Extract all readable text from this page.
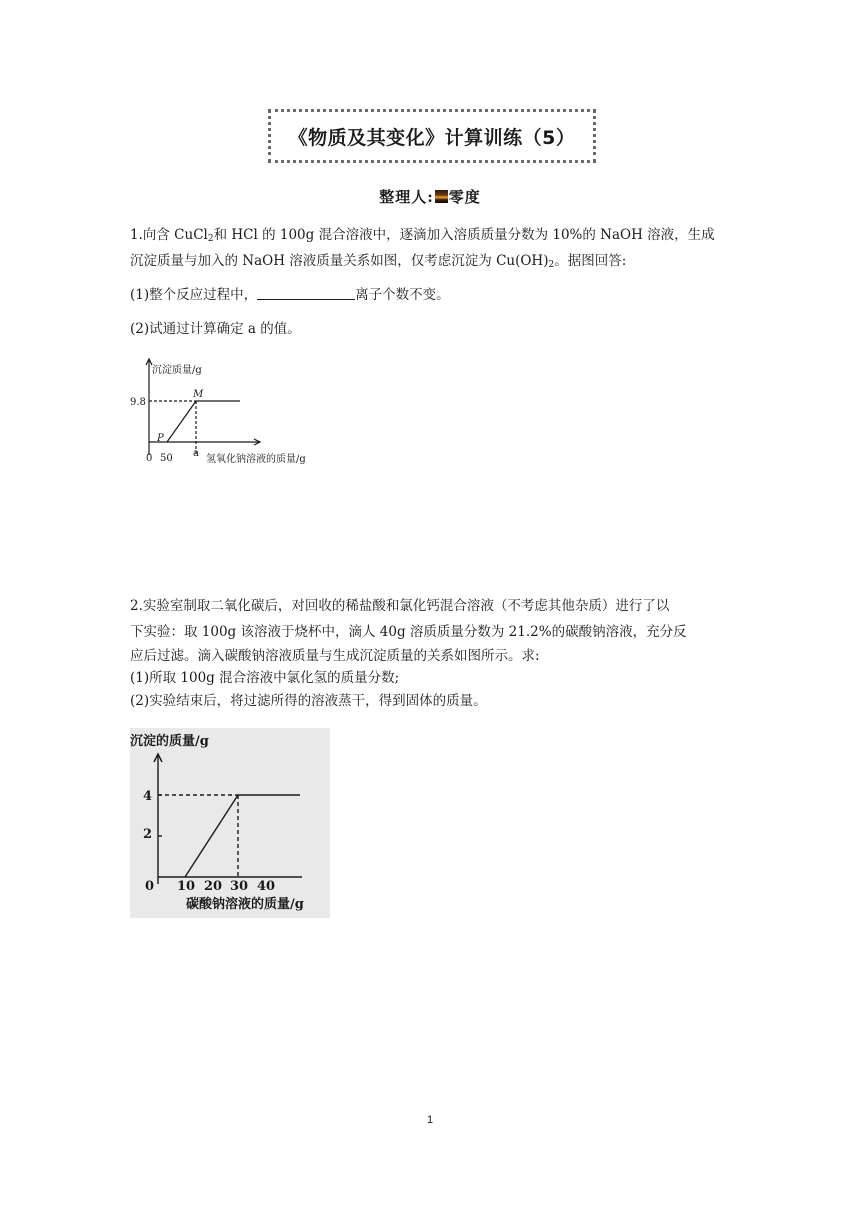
《物质及其变化》计算训练（5）
整理人: 零度
1.向含 CuCl$_2$和 HCl 的 100g 混合溶液中，逐滴加入溶质质量分数为 10%的 NaOH 溶液，生成
沉淀质量与加入的 NaOH 溶液质量关系如图，仅考虑沉淀为 $Cu(OH)_2$。据图回答:
(1)整个反应过程中，	离子个数不变。
(2)试通过计算确定 a 的值。
沉淀质量/g
9.8
M
P
0 50 a
氢氧化钠溶液的质量/g
2.实验室制取二氧化碳后，对回收的稀盐酸和氯化钙混合溶液（不考虑其他杂质）进行了以
下实验：取 100g 该溶液于烧杯中，滴人 40g 溶质质量分数为 21.2%的碳酸钠溶液，充分反
应后过滤。滴入碳酸钠溶液质量与生成沉淀质量的关系如图所示。求:
(1)所取 100g 混合溶液中氯化氢的质量分数;
(2)实验结束后，将过滤所得的溶液蒸干，得到固体的质量。
沉淀的质量/g
4
2
0 10 20 30 40
碳酸钠溶液的质量/g
1
